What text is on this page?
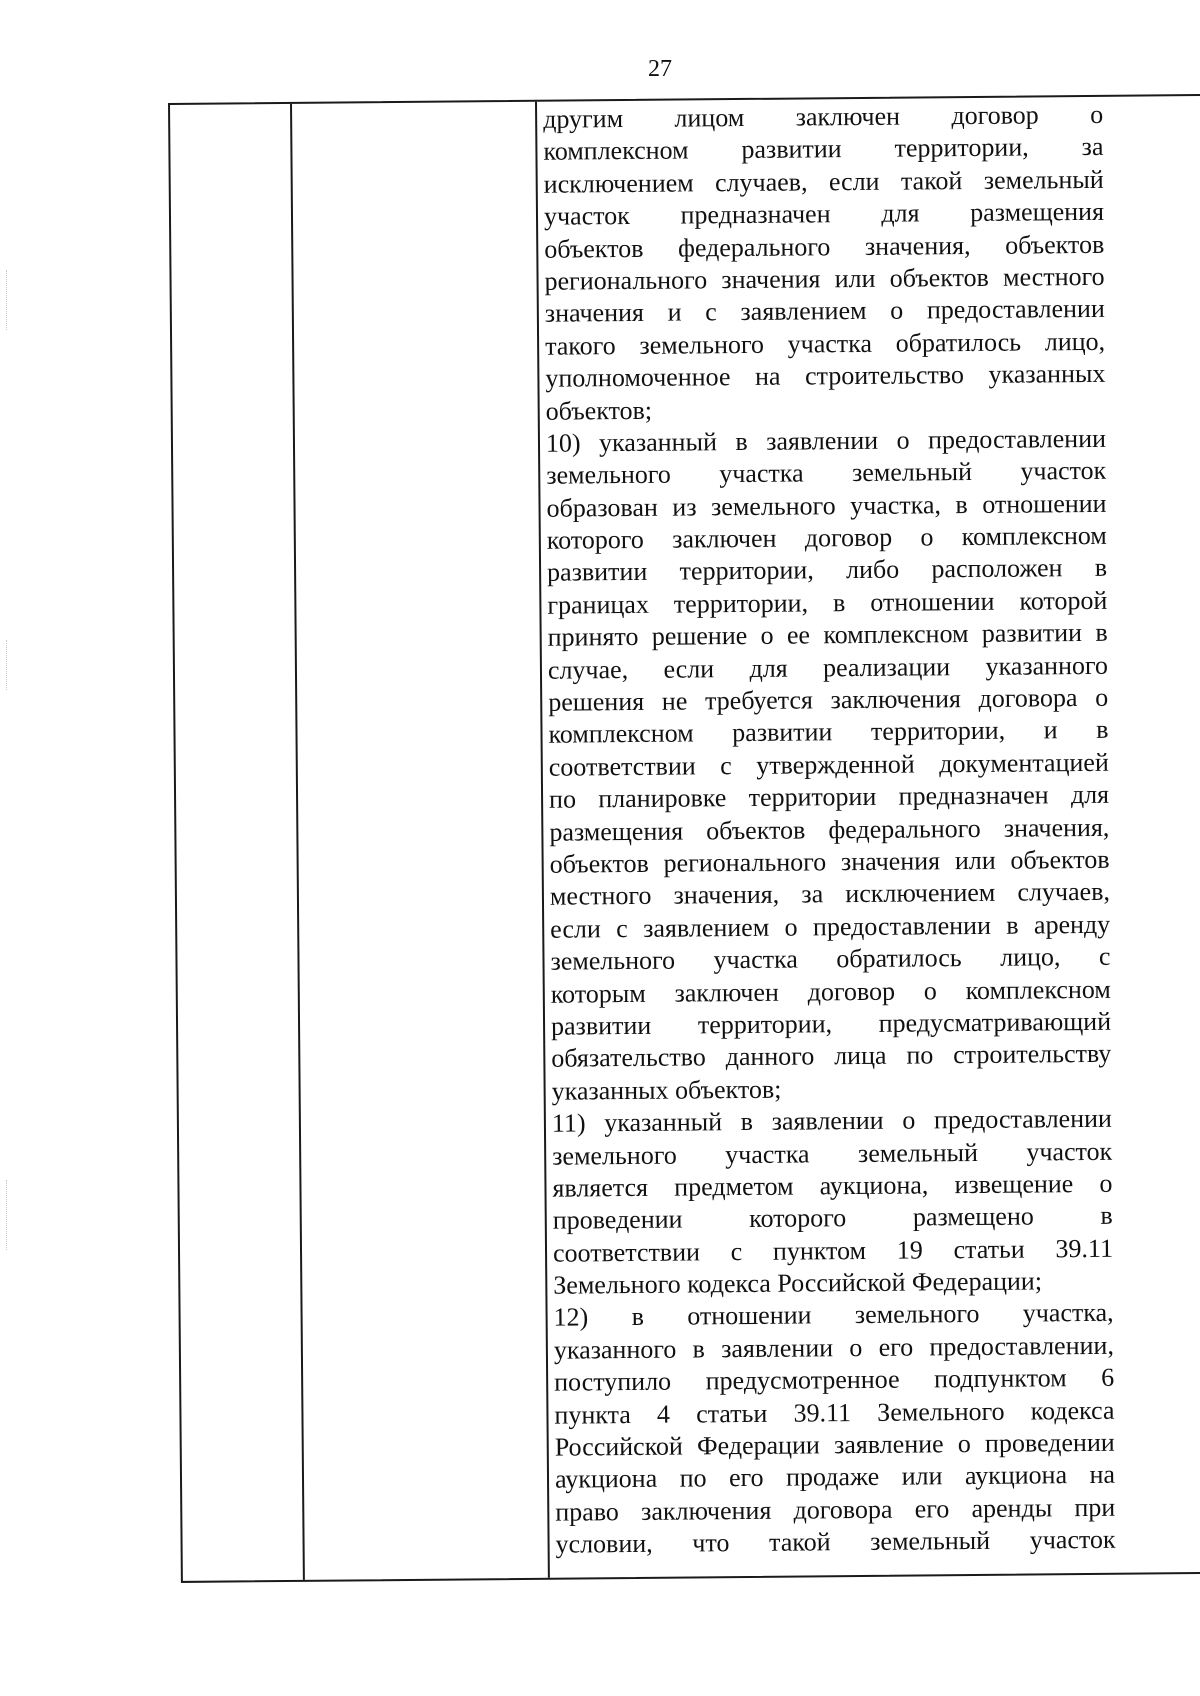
27
другим лицом заключен договор о
комплексном развитии территории, за
исключением случаев, если такой земельный
участок предназначен для размещения
объектов федерального значения, объектов
регионального значения или объектов местного
значения и с заявлением о предоставлении
такого земельного участка обратилось лицо,
уполномоченное на строительство указанных
объектов;
10) указанный в заявлении о предоставлении
земельного участка земельный участок
образован из земельного участка, в отношении
которого заключен договор о комплексном
развитии территории, либо расположен в
границах территории, в отношении которой
принято решение о ее комплексном развитии в
случае, если для реализации указанного
решения не требуется заключения договора о
комплексном развитии территории, и в
соответствии с утвержденной документацией
по планировке территории предназначен для
размещения объектов федерального значения,
объектов регионального значения или объектов
местного значения, за исключением случаев,
если с заявлением о предоставлении в аренду
земельного участка обратилось лицо, с
которым заключен договор о комплексном
развитии территории, предусматривающий
обязательство данного лица по строительству
указанных объектов;
11) указанный в заявлении о предоставлении
земельного участка земельный участок
является предметом аукциона, извещение о
проведении которого размещено в
соответствии с пунктом 19 статьи 39.11
Земельного кодекса Российской Федерации;
12) в отношении земельного участка,
указанного в заявлении о его предоставлении,
поступило предусмотренное подпунктом 6
пункта 4 статьи 39.11 Земельного кодекса
Российской Федерации заявление о проведении
аукциона по его продаже или аукциона на
право заключения договора его аренды при
условии, что такой земельный участок
